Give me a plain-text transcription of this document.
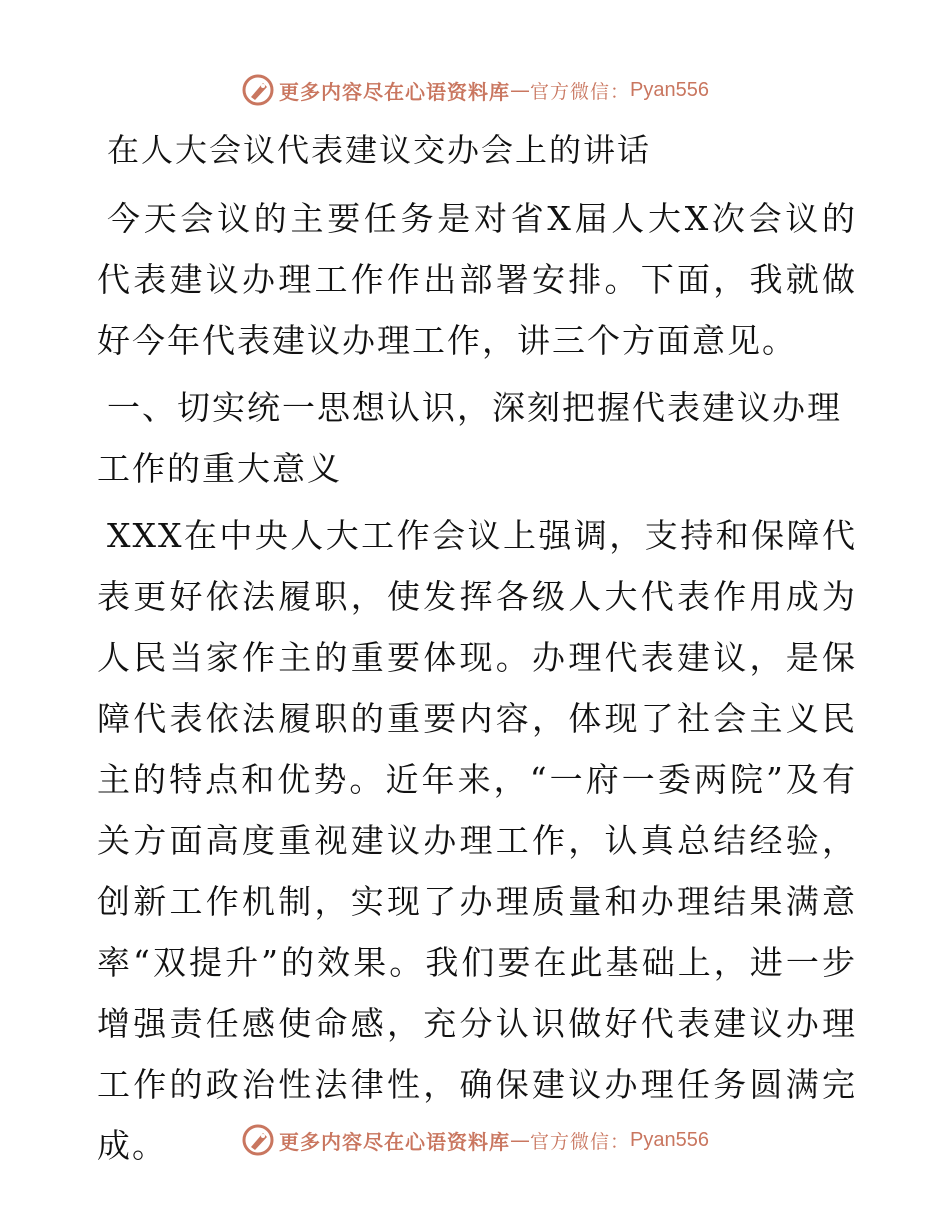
更多内容尽在心语资料库 — 官方微信： Pyan556
在人大会议代表建议交办会上的讲话

今天会议的主要任务是对省X届人大X次会议的代表建议办理工作作出部署安排。下面，我就做好今年代表建议办理工作，讲三个方面意见。

一、切实统一思想认识，深刻把握代表建议办理工作的重大意义

XXX在中央人大工作会议上强调，支持和保障代表更好依法履职，使发挥各级人大代表作用成为人民当家作主的重要体现。办理代表建议，是保障代表依法履职的重要内容，体现了社会主义民主的特点和优势。近年来，“一府一委两院”及有关方面高度重视建议办理工作，认真总结经验，创新工作机制，实现了办理质量和办理结果满意率“双提升”的效果。我们要在此基础上，进一步增强责任感使命感，充分认识做好代表建议办理工作的政治性法律性，确保建议办理任务圆满完成。	更多内容尽在心语资料库 — 官方微信： Pyan556
